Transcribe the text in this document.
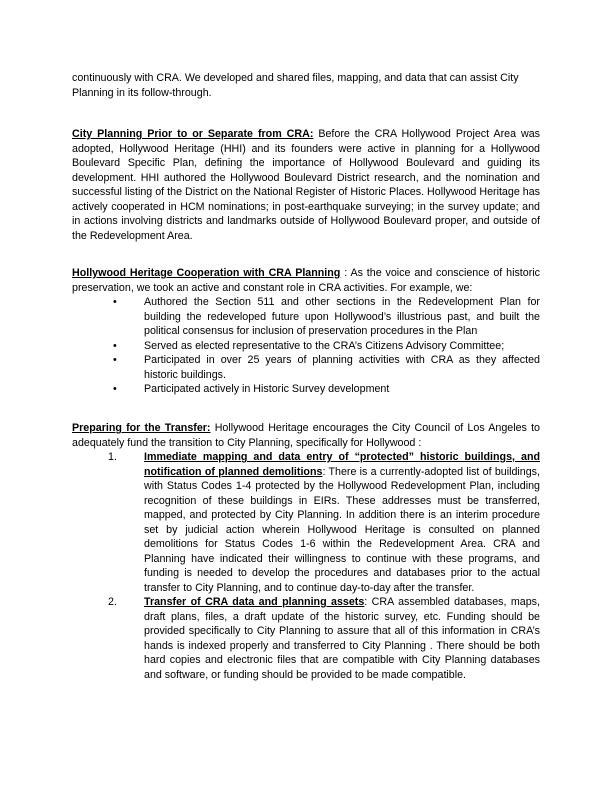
continuously with CRA. We developed and shared files, mapping, and data that can assist City Planning in its follow-through.
City Planning Prior to or Separate from CRA: Before the CRA Hollywood Project Area was adopted, Hollywood Heritage (HHI) and its founders were active in planning for a Hollywood Boulevard Specific Plan, defining the importance of Hollywood Boulevard and guiding its development. HHI authored the Hollywood Boulevard District research, and the nomination and successful listing of the District on the National Register of Historic Places. Hollywood Heritage has actively cooperated in HCM nominations; in post-earthquake surveying; in the survey update; and in actions involving districts and landmarks outside of Hollywood Boulevard proper, and outside of the Redevelopment Area.
Hollywood Heritage Cooperation with CRA Planning : As the voice and conscience of historic preservation, we took an active and constant role in CRA activities. For example, we:
•	Authored the Section 511 and other sections in the Redevelopment Plan for building the redeveloped future upon Hollywood’s illustrious past, and built the political consensus for inclusion of preservation procedures in the Plan
•	Served as elected representative to the CRA’s Citizens Advisory Committee;
•	Participated in over 25 years of planning activities with CRA as they affected historic buildings.
•	Participated actively in Historic Survey development
Preparing for the Transfer: Hollywood Heritage encourages the City Council of Los Angeles to adequately fund the transition to City Planning, specifically for Hollywood :
1.	Immediate mapping and data entry of “protected” historic buildings, and notification of planned demolitions: There is a currently-adopted list of buildings, with Status Codes 1-4 protected by the Hollywood Redevelopment Plan, including recognition of these buildings in EIRs. These addresses must be transferred, mapped, and protected by City Planning. In addition there is an interim procedure set by judicial action wherein Hollywood Heritage is consulted on planned demolitions for Status Codes 1-6 within the Redevelopment Area. CRA and Planning have indicated their willingness to continue with these programs, and funding is needed to develop the procedures and databases prior to the actual transfer to City Planning, and to continue day-to-day after the transfer.
2.	Transfer of CRA data and planning assets: CRA assembled databases, maps, draft plans, files, a draft update of the historic survey, etc. Funding should be provided specifically to City Planning to assure that all of this information in CRA’s hands is indexed properly and transferred to City Planning . There should be both hard copies and electronic files that are compatible with City Planning databases and software, or funding should be provided to be made compatible.
